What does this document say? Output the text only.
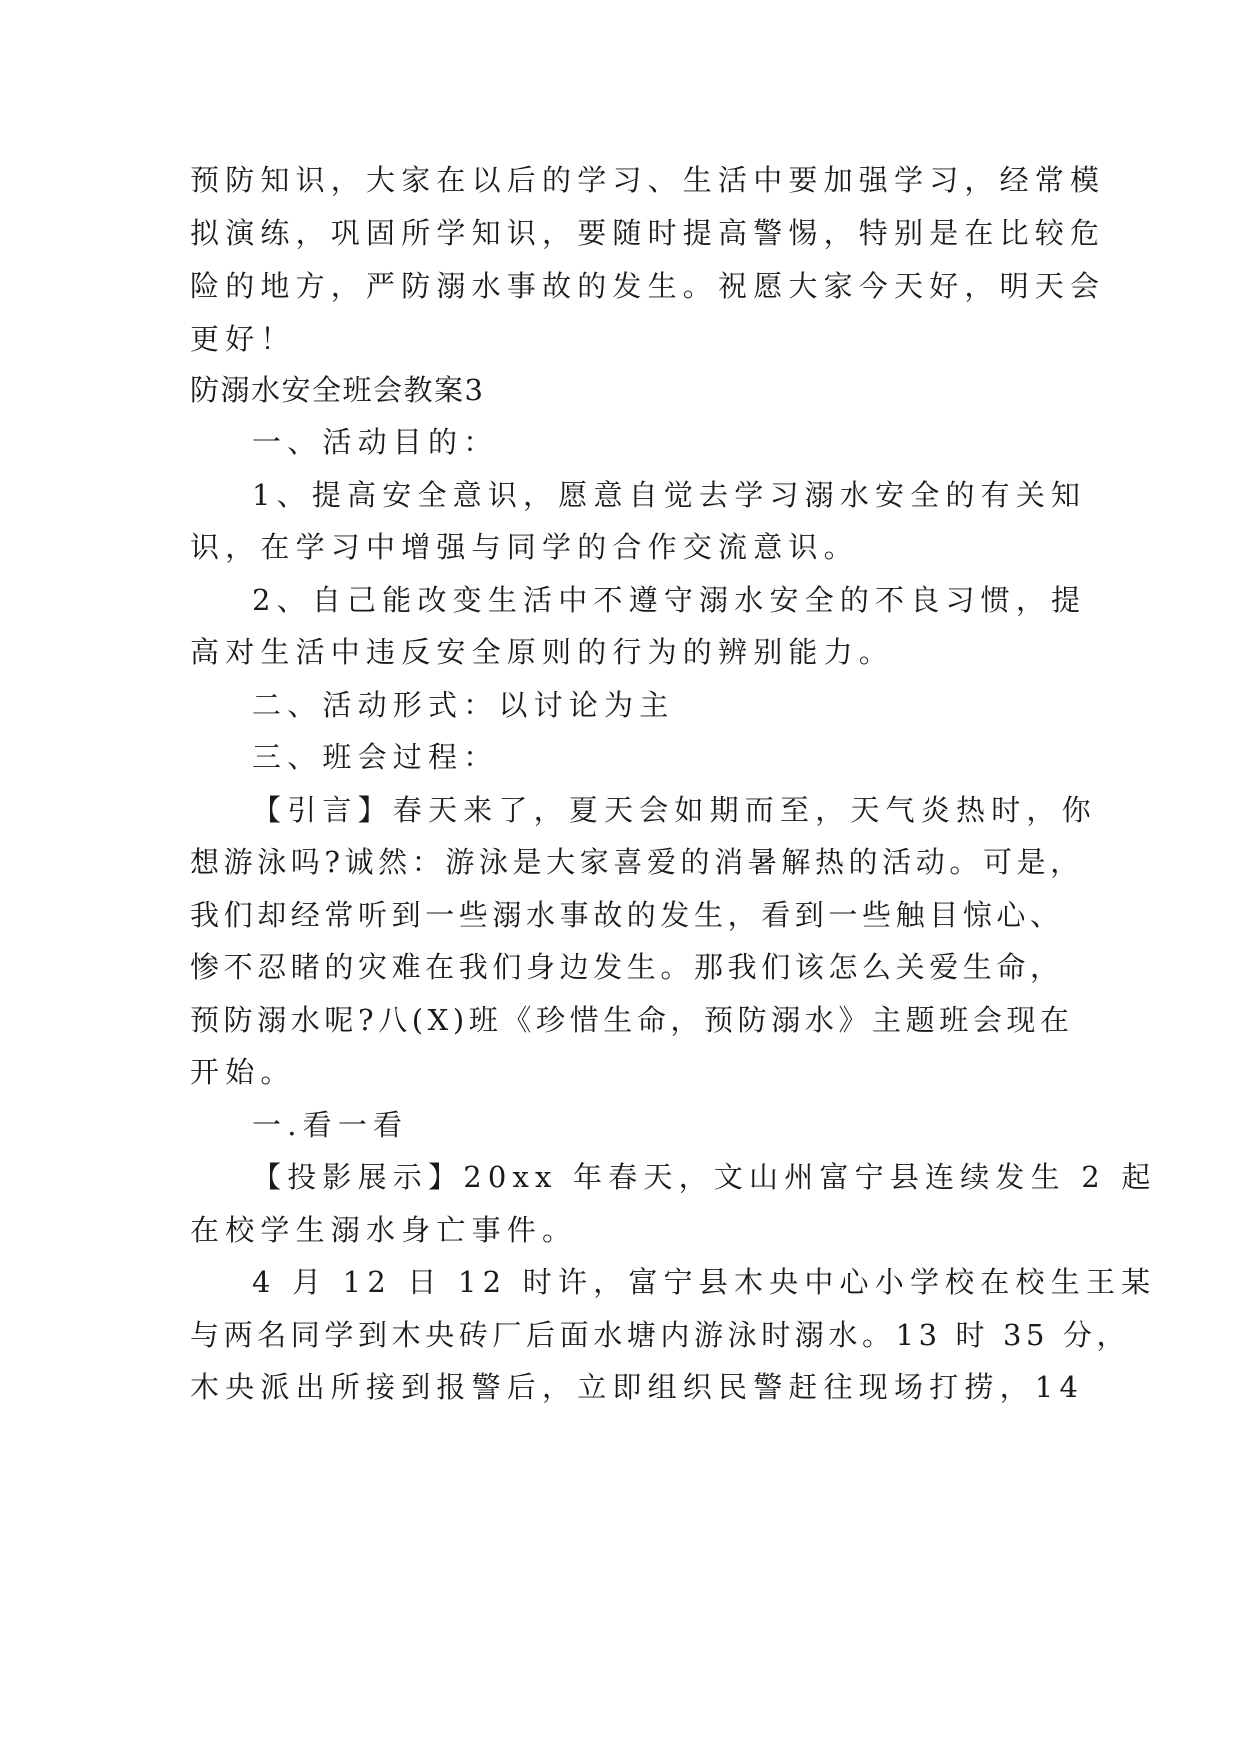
预防知识，大家在以后的学习、生活中要加强学习，经常模
拟演练，巩固所学知识，要随时提高警惕，特别是在比较危
险的地方，严防溺水事故的发生。祝愿大家今天好，明天会
更好！
防溺水安全班会教案3
一、活动目的：
1、提高安全意识，愿意自觉去学习溺水安全的有关知
识，在学习中增强与同学的合作交流意识。
2、自己能改变生活中不遵守溺水安全的不良习惯，提
高对生活中违反安全原则的行为的辨别能力。
二、活动形式：以讨论为主
三、班会过程：
【引言】春天来了，夏天会如期而至，天气炎热时，你
想游泳吗?诚然：游泳是大家喜爱的消暑解热的活动。可是，
我们却经常听到一些溺水事故的发生，看到一些触目惊心、
惨不忍睹的灾难在我们身边发生。那我们该怎么关爱生命，
预防溺水呢?八(X)班《珍惜生命，预防溺水》主题班会现在
开始。
一.看一看
【投影展示】20xx 年春天，文山州富宁县连续发生 2 起
在校学生溺水身亡事件。
4 月 12 日 12 时许，富宁县木央中心小学校在校生王某
与两名同学到木央砖厂后面水塘内游泳时溺水。13 时 35 分，
木央派出所接到报警后，立即组织民警赶往现场打捞，14
